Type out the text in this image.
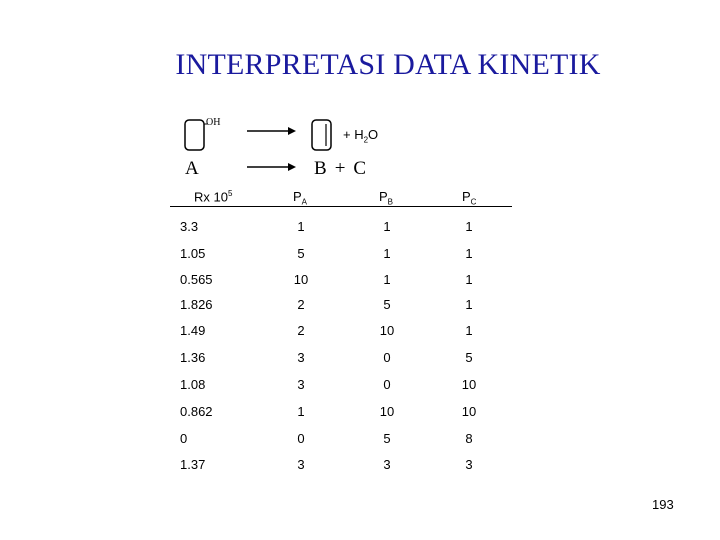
INTERPRETASI DATA KINETIK
OH
+ $H_2O$
A	B + C
Rx $10^5$	$P_A$	$P_B$	$P_C$
3.3	1	1	1
1.05	5	1	1
0.565	10	1	1
1.826	2	5	1
1.49	2	10	1
1.36	3	0	5
1.08	3	0	10
0.862	1	10	10
0	0	5	8
1.37	3	3	3
193
